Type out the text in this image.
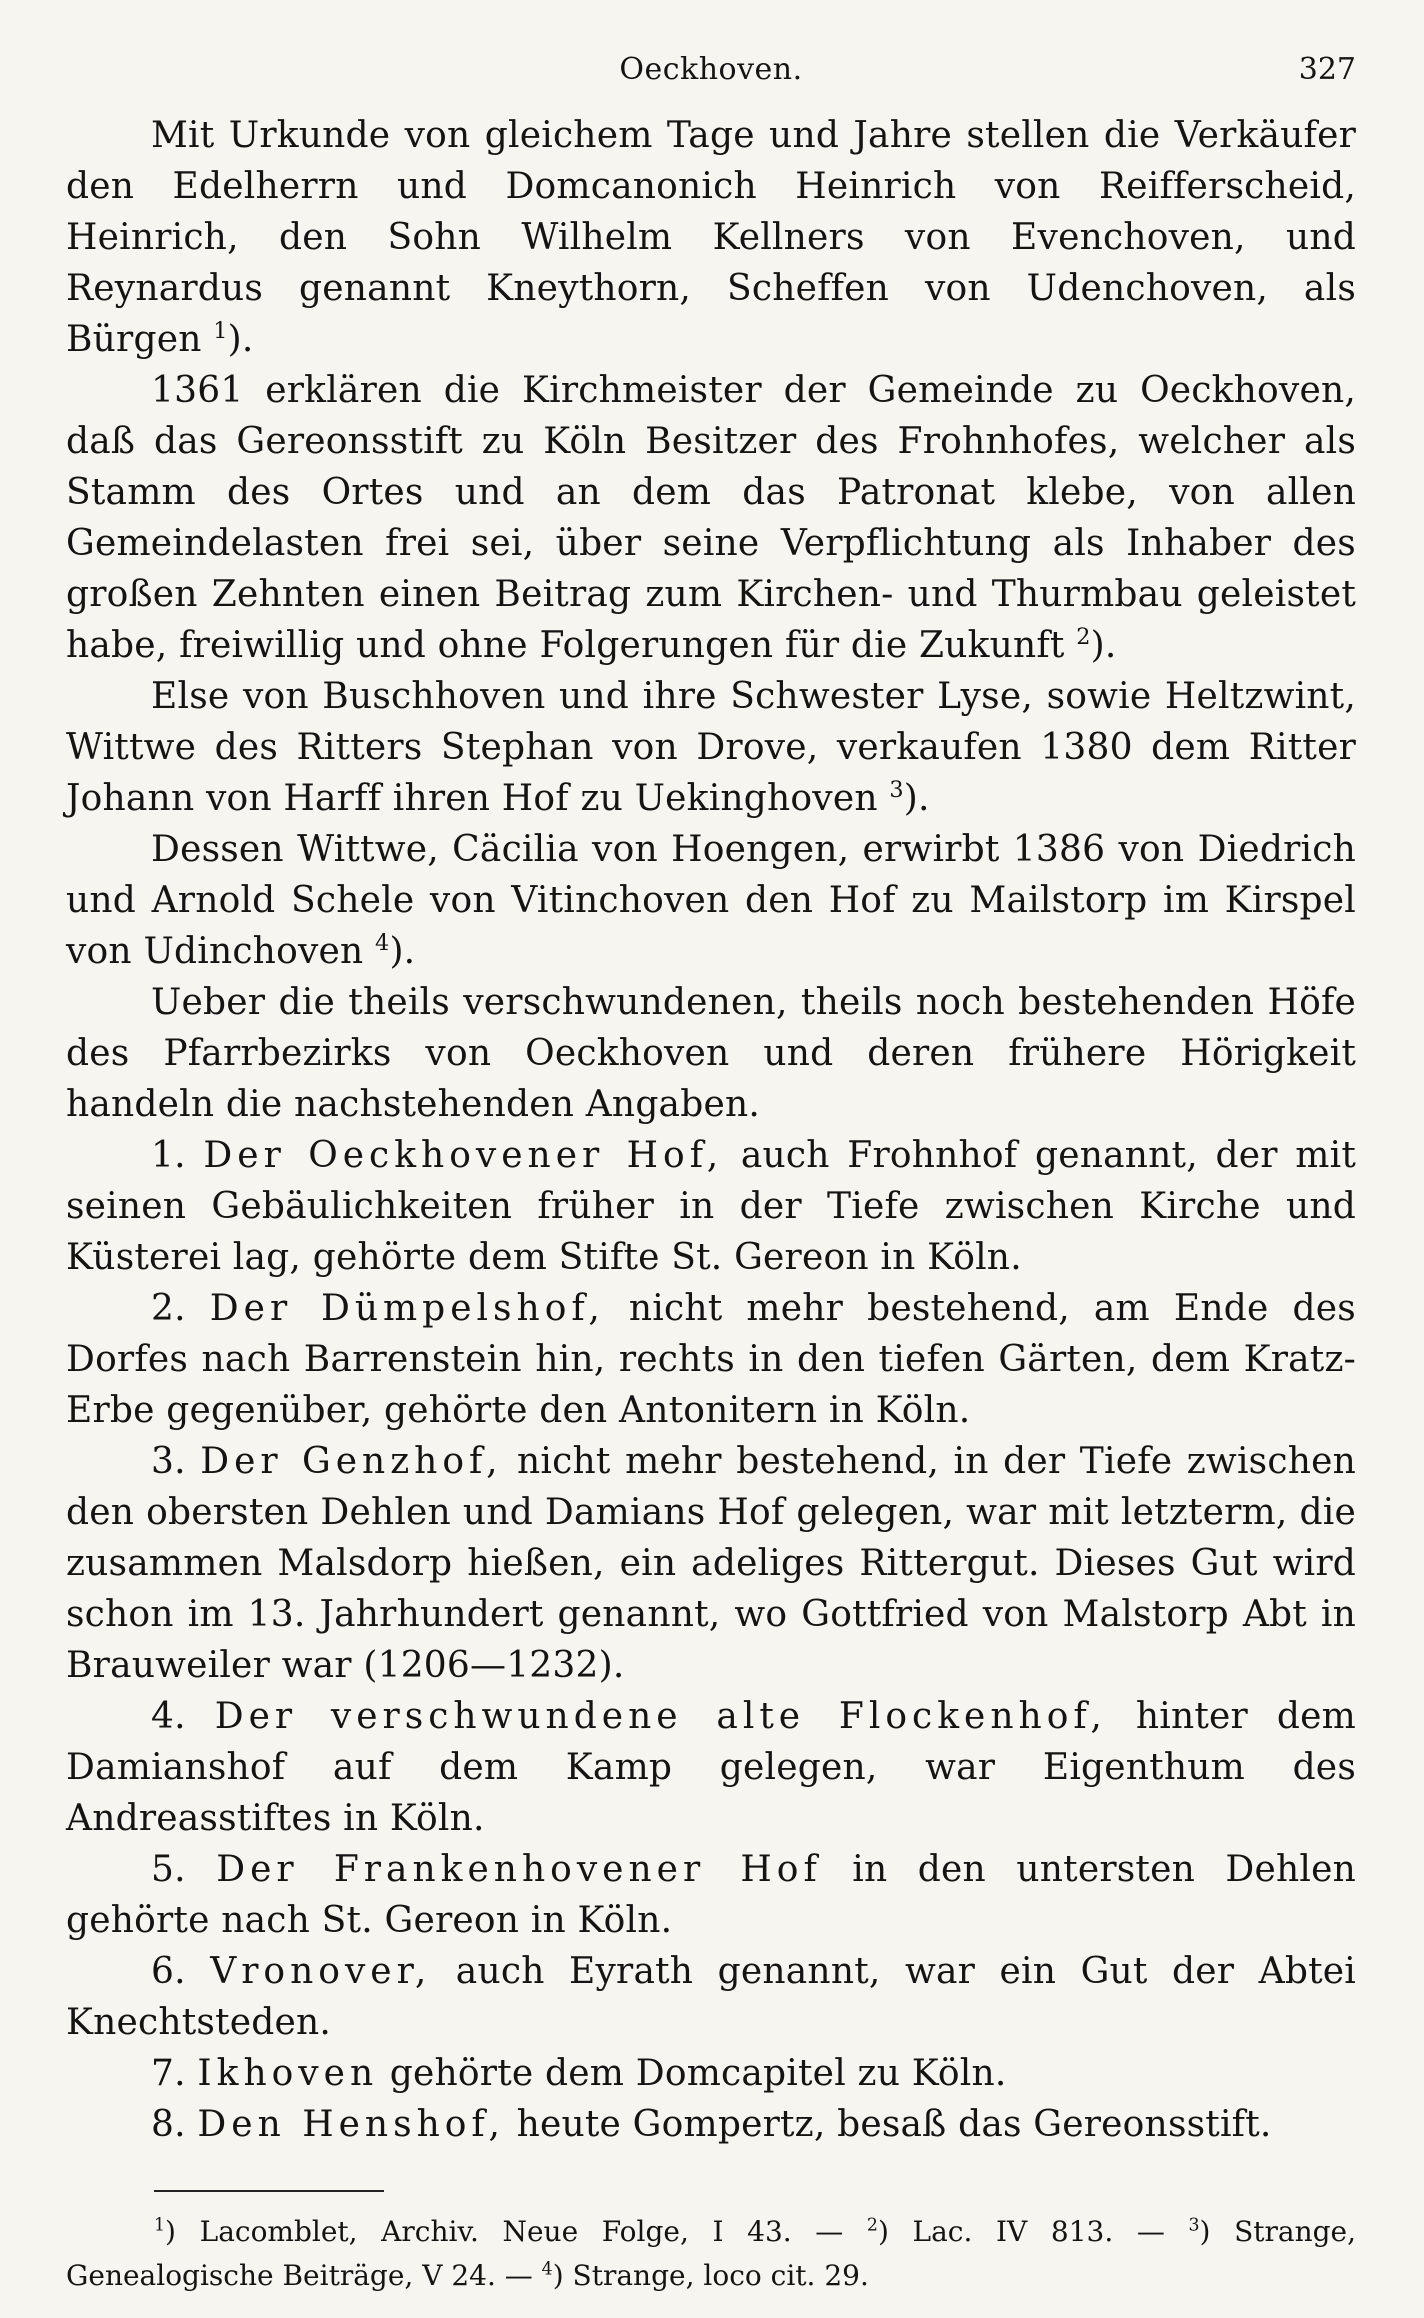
Oeckhoven.	327

Mit Urkunde von gleichem Tage und Jahre stellen die Verkäufer den Edelherrn und Domcanonich Heinrich von Reifferscheid, Heinrich, den Sohn Wilhelm Kellners von Evenchoven, und Reynardus genannt Kneythorn, Scheffen von Udenchoven, als Bürgen $^1$).

1361 erklären die Kirchmeister der Gemeinde zu Oeckhoven, daß das Gereonsstift zu Köln Besitzer des Frohnhofes, welcher als Stamm des Ortes und an dem das Patronat klebe, von allen Gemeindelasten frei sei, über seine Verpflichtung als Inhaber des großen Zehnten einen Beitrag zum Kirchen- und Thurmbau geleistet habe, freiwillig und ohne Folgerungen für die Zukunft $^2$).

Else von Buschhoven und ihre Schwester Lyse, sowie Heltzwint, Wittwe des Ritters Stephan von Drove, verkaufen 1380 dem Ritter Johann von Harff ihren Hof zu Uekinghoven $^3$).

Dessen Wittwe, Cäcilia von Hoengen, erwirbt 1386 von Diedrich und Arnold Schele von Vitinchoven den Hof zu Mailstorp im Kirspel von Udinchoven $^4$).

Ueber die theils verschwundenen, theils noch bestehenden Höfe des Pfarrbezirks von Oeckhoven und deren frühere Hörigkeit handeln die nachstehenden Angaben.

1. Der Oeckhovener Hof, auch Frohnhof genannt, der mit seinen Gebäulichkeiten früher in der Tiefe zwischen Kirche und Küsterei lag, gehörte dem Stifte St. Gereon in Köln.

2. Der Dümpelshof, nicht mehr bestehend, am Ende des Dorfes nach Barrenstein hin, rechts in den tiefen Gärten, dem Kratz-Erbe gegenüber, gehörte den Antonitern in Köln.

3. Der Genzhof, nicht mehr bestehend, in der Tiefe zwischen den obersten Dehlen und Damians Hof gelegen, war mit letzterm, die zusammen Malsdorp hießen, ein adeliges Rittergut. Dieses Gut wird schon im 13. Jahrhundert genannt, wo Gottfried von Malstorp Abt in Brauweiler war (1206—1232).

4. Der verschwundene alte Flockenhof, hinter dem Damianshof auf dem Kamp gelegen, war Eigenthum des Andreasstiftes in Köln.

5. Der Frankenhovener Hof in den untersten Dehlen gehörte nach St. Gereon in Köln.

6. Vronover, auch Eyrath genannt, war ein Gut der Abtei Knechtsteden.

7. Ikhoven gehörte dem Domcapitel zu Köln.

8. Den Henshof, heute Gompertz, besaß das Gereonsstift.

$^1$) Lacomblet, Archiv. Neue Folge, I 43. — $^2$) Lac. IV 813. — $^3$) Strange, Genealogische Beiträge, V 24. — $^4$) Strange, loco cit. 29.
